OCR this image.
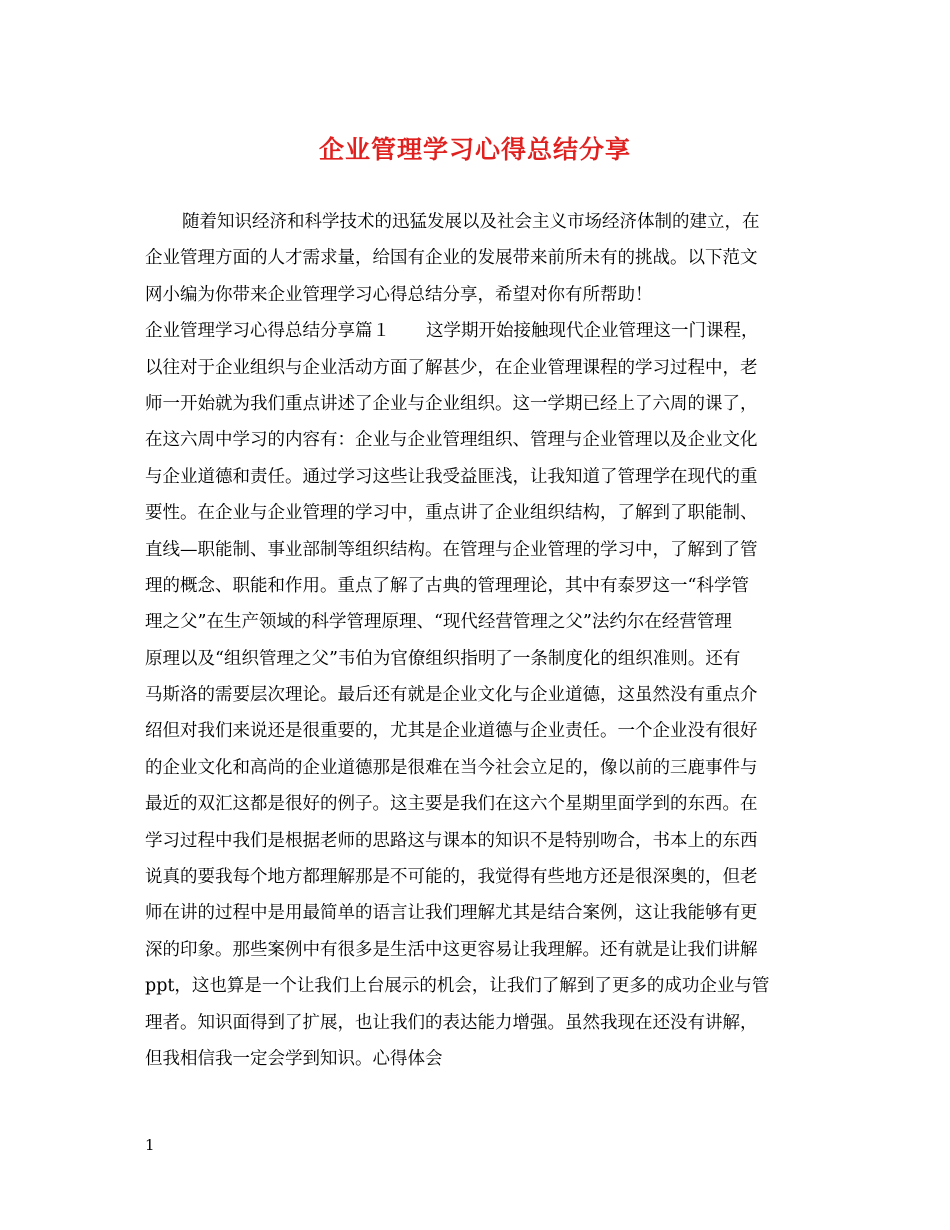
企业管理学习心得总结分享

随着知识经济和科学技术的迅猛发展以及社会主义市场经济体制的建立，在

企业管理方面的人才需求量，给国有企业的发展带来前所未有的挑战。以下范文

网小编为你带来企业管理学习心得总结分享，希望对你有所帮助！

企业管理学习心得总结分享篇１ 这学期开始接触现代企业管理这一门课程，

以往对于企业组织与企业活动方面了解甚少，在企业管理课程的学习过程中，老

师一开始就为我们重点讲述了企业与企业组织。这一学期已经上了六周的课了，

在这六周中学习的内容有：企业与企业管理组织、管理与企业管理以及企业文化

与企业道德和责任。通过学习这些让我受益匪浅，让我知道了管理学在现代的重

要性。在企业与企业管理的学习中，重点讲了企业组织结构，了解到了职能制、

直线—职能制、事业部制等组织结构。在管理与企业管理的学习中，了解到了管

理的概念、职能和作用。重点了解了古典的管理理论，其中有泰罗这一“科学管

理之父”在生产领域的科学管理原理、“现代经营管理之父”法约尔在经营管理

原理以及“组织管理之父”韦伯为官僚组织指明了一条制度化的组织准则。还有

马斯洛的需要层次理论。最后还有就是企业文化与企业道德，这虽然没有重点介

绍但对我们来说还是很重要的，尤其是企业道德与企业责任。一个企业没有很好

的企业文化和高尚的企业道德那是很难在当今社会立足的，像以前的三鹿事件与

最近的双汇这都是很好的例子。这主要是我们在这六个星期里面学到的东西。在

学习过程中我们是根据老师的思路这与课本的知识不是特别吻合，书本上的东西

说真的要我每个地方都理解那是不可能的，我觉得有些地方还是很深奥的，但老

师在讲的过程中是用最简单的语言让我们理解尤其是结合案例，这让我能够有更

深的印象。那些案例中有很多是生活中这更容易让我理解。还有就是让我们讲解

ppt，这也算是一个让我们上台展示的机会，让我们了解到了更多的成功企业与管

理者。知识面得到了扩展，也让我们的表达能力增强。虽然我现在还没有讲解，

但我相信我一定会学到知识。心得体会

1
